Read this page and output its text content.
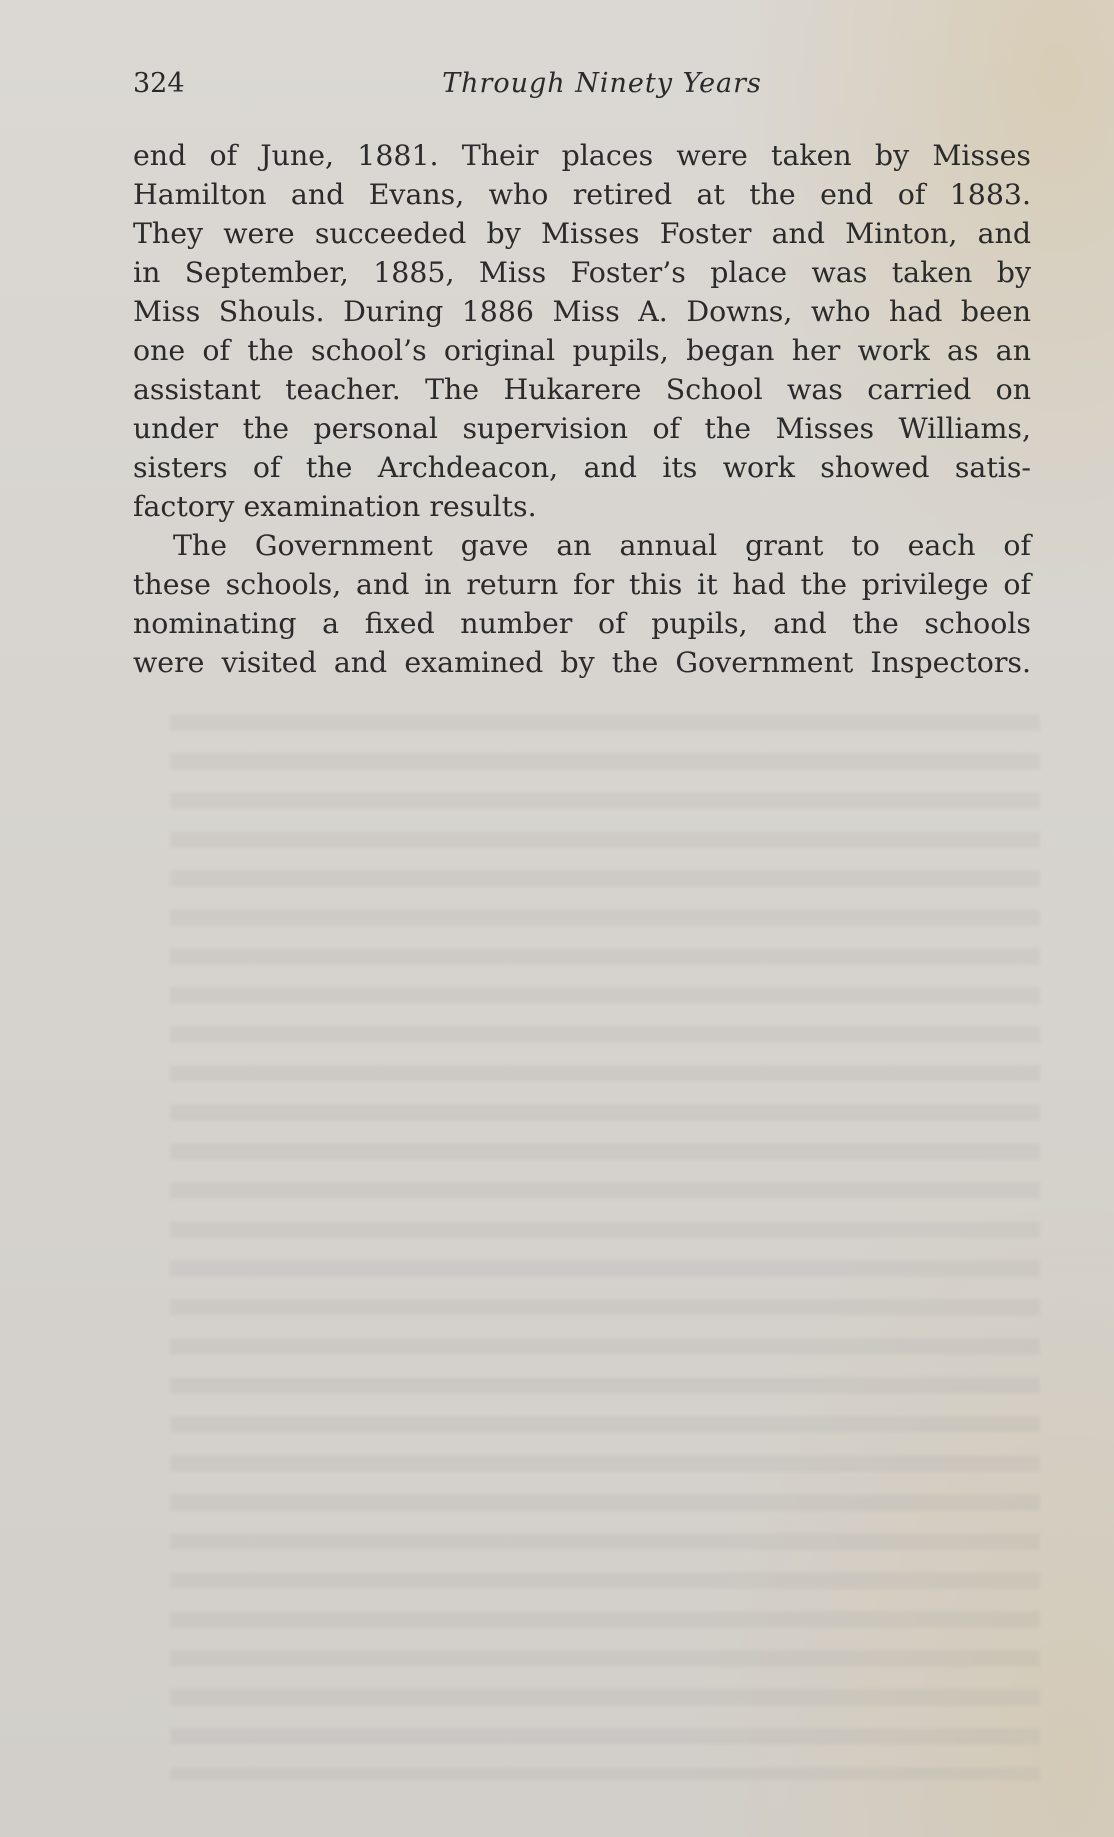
324	Through Ninety Years
end of June, 1881. Their places were taken by Misses
Hamilton and Evans, who retired at the end of 1883.
They were succeeded by Misses Foster and Minton, and
in September, 1885, Miss Foster’s place was taken by
Miss Shouls. During 1886 Miss A. Downs, who had been
one of the school’s original pupils, began her work as an
assistant teacher. The Hukarere School was carried on
under the personal supervision of the Misses Williams,
sisters of the Archdeacon, and its work showed satis-
factory examination results.
The Government gave an annual grant to each of
these schools, and in return for this it had the privilege of
nominating a fixed number of pupils, and the schools
were visited and examined by the Government Inspectors.
